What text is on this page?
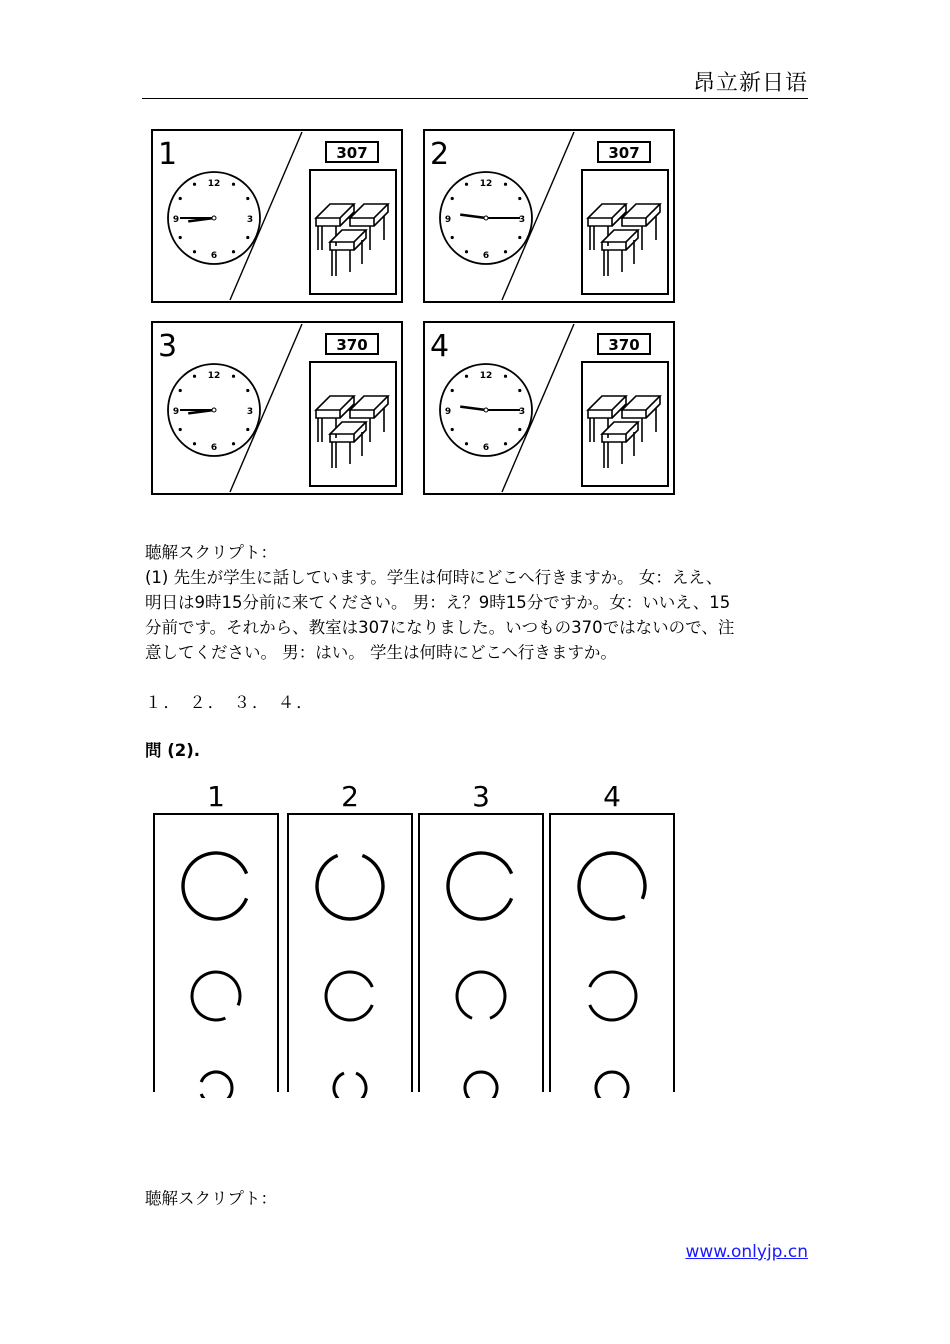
昂立新日语
1
12
3
6
9
307 2
12
3
6
9
307
3
12
3
6
9
370 4
12
3
6
9
370
聴解スクリプト：
(1) 先生が学生に話しています。学生は何時にどこへ行きますか。 女：ええ、
明日は9時15分前に来てください。 男：え？9時15分ですか。女：いいえ、15
分前です。それから、教室は307になりました。いつもの370ではないので、注
意してください。 男：はい。 学生は何時にどこへ行きますか。
１． ２． ３． ４．
問 (2).
1	2	3	4
聴解スクリプト：
www.onlyjp.cn
